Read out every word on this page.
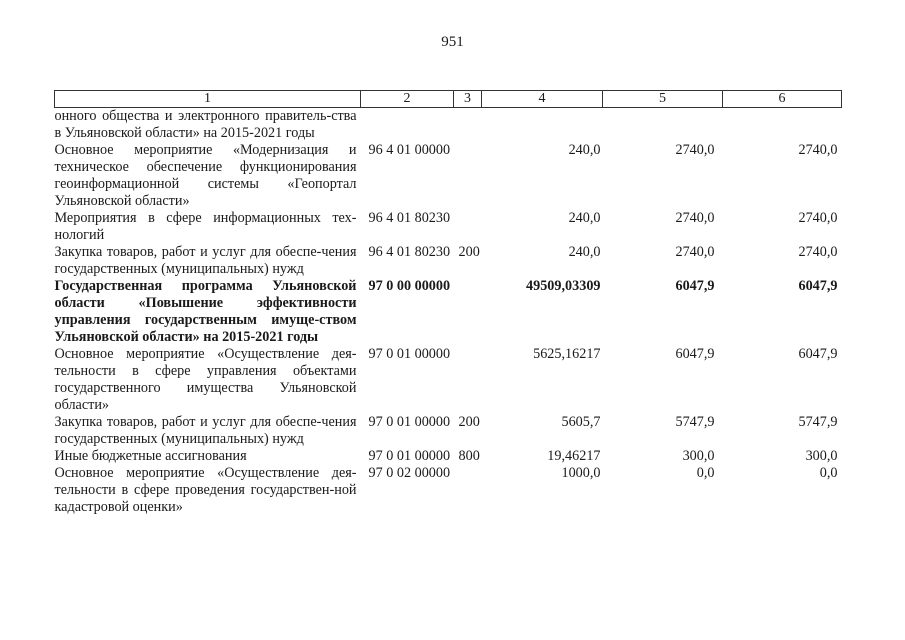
951
1	2	3	4	5	6
онного общества и электронного правитель-ства в Ульяновской области» на 2015-2021 годы					
Основное мероприятие «Модернизация и техническое обеспечение функционирования геоинформационной системы «Геопортал Ульяновской области»	96 4 01 00000		240,0	2740,0	2740,0
Мероприятия в сфере информационных тех-нологий	96 4 01 80230		240,0	2740,0	2740,0
Закупка товаров, работ и услуг для обеспе-чения государственных (муниципальных) нужд	96 4 01 80230	200	240,0	2740,0	2740,0
Государственная программа Ульяновской области «Повышение эффективности управления государственным имуще-ством Ульяновской области» на 2015-2021 годы	97 0 00 00000		49509,03309	6047,9	6047,9
Основное мероприятие «Осуществление дея-тельности в сфере управления объектами государственного имущества Ульяновской области»	97 0 01 00000		5625,16217	6047,9	6047,9
Закупка товаров, работ и услуг для обеспе-чения государственных (муниципальных) нужд	97 0 01 00000	200	5605,7	5747,9	5747,9
Иные бюджетные ассигнования	97 0 01 00000	800	19,46217	300,0	300,0
Основное мероприятие «Осуществление дея-тельности в сфере проведения государствен-ной кадастровой оценки»	97 0 02 00000		1000,0	0,0	0,0
